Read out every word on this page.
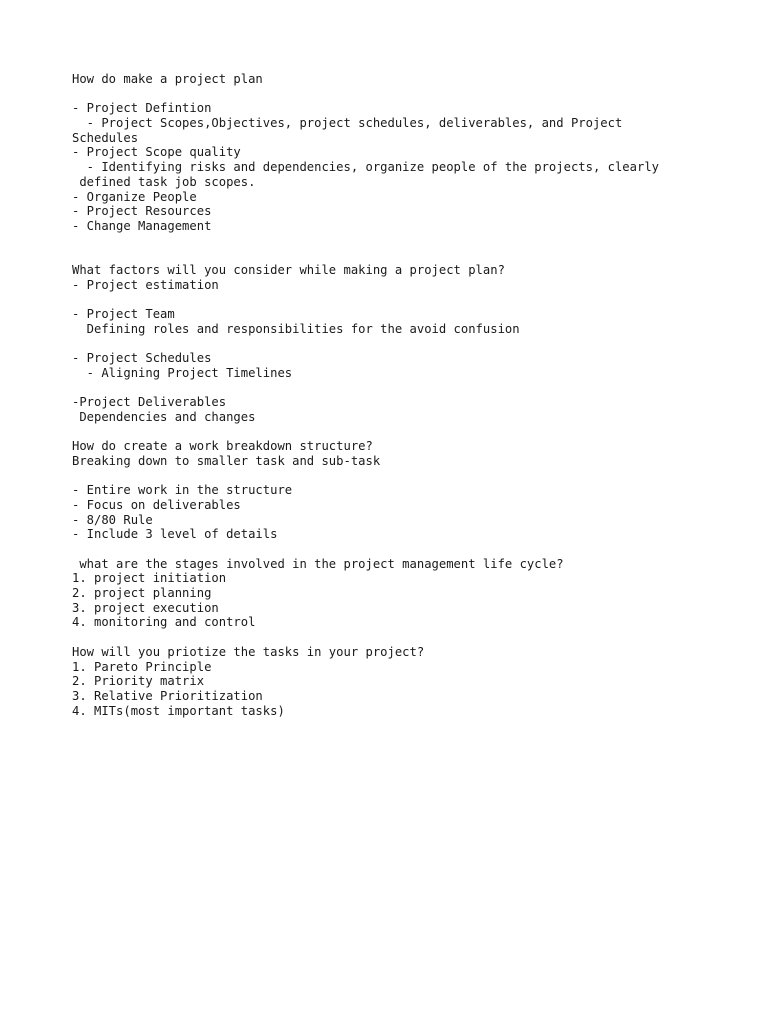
How do make a project plan
- Project Defintion
- Project Scopes,Objectives, project schedules, deliverables, and Project
Schedules
- Project Scope quality
- Identifying risks and dependencies, organize people of the projects, clearly
defined task job scopes.
- Organize People
- Project Resources
- Change Management
What factors will you consider while making a project plan?
- Project estimation
- Project Team
Defining roles and responsibilities for the avoid confusion
- Project Schedules
- Aligning Project Timelines
-Project Deliverables
Dependencies and changes
How do create a work breakdown structure?
Breaking down to smaller task and sub-task
- Entire work in the structure
- Focus on deliverables
- 8/80 Rule
- Include 3 level of details
what are the stages involved in the project management life cycle?
1. project initiation
2. project planning
3. project execution
4. monitoring and control
How will you priotize the tasks in your project?
1. Pareto Principle
2. Priority matrix
3. Relative Prioritization
4. MITs(most important tasks)
